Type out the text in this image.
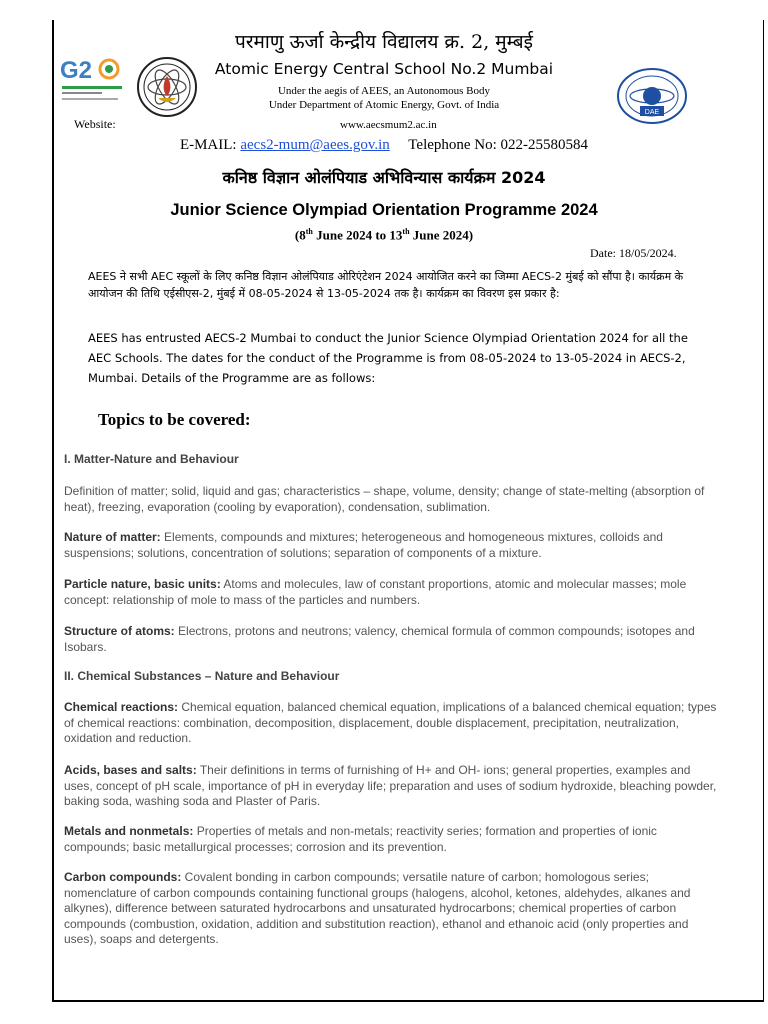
G2
DAE
परमाणु ऊर्जा केन्द्रीय विद्यालय क्र. 2, मुम्बई
Atomic Energy Central School No.2 Mumbai
Under the aegis of AEES, an Autonomous Body
Under Department of Atomic Energy, Govt. of India
Website:	www.aecsmum2.ac.in
E-MAIL: aecs2-mum@aees.gov.in Telephone No: 022-25580584
कनिष्ठ विज्ञान ओलंपियाड अभिविन्यास कार्यक्रम 2024
Junior Science Olympiad Orientation Programme 2024
(8th June 2024 to 13th June 2024)
Date: 18/05/2024.
AEES ने सभी AEC स्कूलों के लिए कनिष्ठ विज्ञान ओलंपियाड ओरिएंटेशन 2024 आयोजित करने का जिम्मा AECS-2 मुंबई को सौंपा है। कार्यक्रम के आयोजन की तिथि एईसीएस-2, मुंबई में 08-05-2024 से 13-05-2024 तक है। कार्यक्रम का विवरण इस प्रकार है:
AEES has entrusted AECS-2 Mumbai to conduct the Junior Science Olympiad Orientation 2024 for all the AEC Schools. The dates for the conduct of the Programme is from 08-05-2024 to 13-05-2024 in AECS-2, Mumbai. Details of the Programme are as follows:
Topics to be covered:
I. Matter-Nature and Behaviour
Definition of matter; solid, liquid and gas; characteristics – shape, volume, density; change of state-melting (absorption of heat), freezing, evaporation (cooling by evaporation), condensation, sublimation.
Nature of matter: Elements, compounds and mixtures; heterogeneous and homogeneous mixtures, colloids and suspensions; solutions, concentration of solutions; separation of components of a mixture.
Particle nature, basic units: Atoms and molecules, law of constant proportions, atomic and molecular masses; mole concept: relationship of mole to mass of the particles and numbers.
Structure of atoms: Electrons, protons and neutrons; valency, chemical formula of common compounds; isotopes and Isobars.
II. Chemical Substances – Nature and Behaviour
Chemical reactions: Chemical equation, balanced chemical equation, implications of a balanced chemical equation; types of chemical reactions: combination, decomposition, displacement, double displacement, precipitation, neutralization, oxidation and reduction.
Acids, bases and salts: Their definitions in terms of furnishing of H+ and OH- ions; general properties, examples and uses, concept of pH scale, importance of pH in everyday life; preparation and uses of sodium hydroxide, bleaching powder, baking soda, washing soda and Plaster of Paris.
Metals and nonmetals: Properties of metals and non-metals; reactivity series; formation and properties of ionic compounds; basic metallurgical processes; corrosion and its prevention.
Carbon compounds: Covalent bonding in carbon compounds; versatile nature of carbon; homologous series; nomenclature of carbon compounds containing functional groups (halogens, alcohol, ketones, aldehydes, alkanes and alkynes), difference between saturated hydrocarbons and unsaturated hydrocarbons; chemical properties of carbon compounds (combustion, oxidation, addition and substitution reaction), ethanol and ethanoic acid (only properties and uses), soaps and detergents.
